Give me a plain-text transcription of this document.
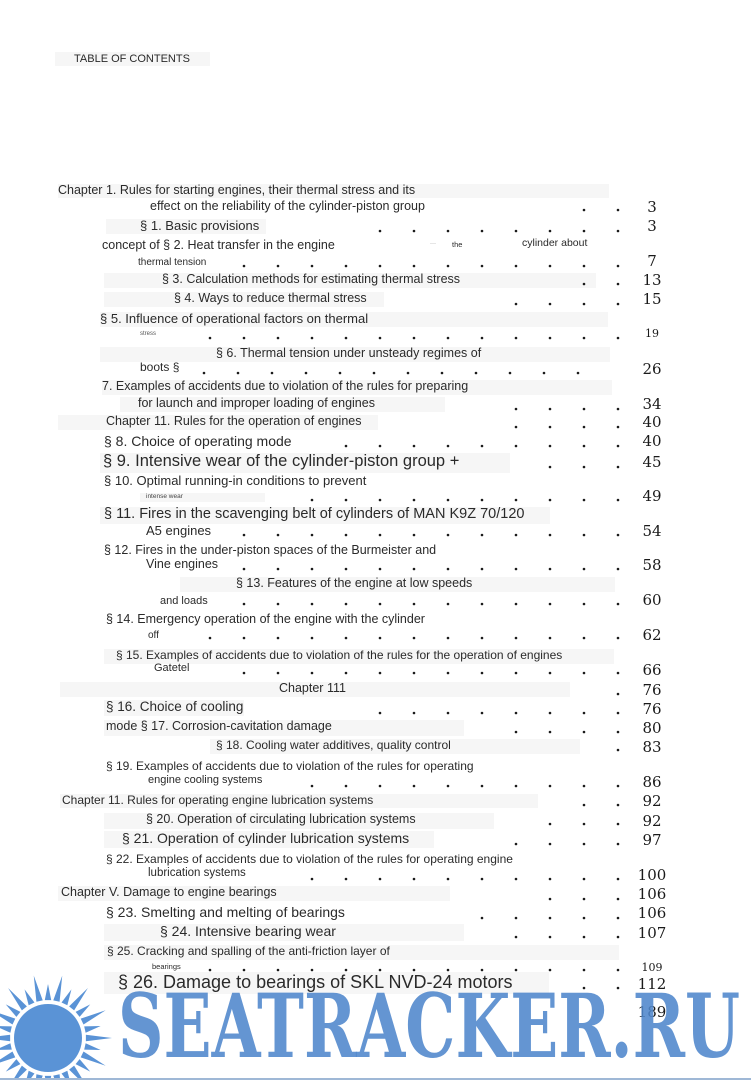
TABLE OF CONTENTS
Chapter 1. Rules for starting engines, their thermal stress and its
effect on the reliability of the cylinder-piston group	3
§ 1. Basic provisions	3
concept of § 2. Heat transfer in the engine	··· the	cylinder about
thermal tension	7
§ 3. Calculation methods for estimating thermal stress	13
§ 4. Ways to reduce thermal stress	15
§ 5. Influence of operational factors on thermal
stress	19
§ 6. Thermal tension under unsteady regimes of
boots §	26
7. Examples of accidents due to violation of the rules for preparing
for launch and improper loading of engines	34
Chapter 11. Rules for the operation of engines	40
§ 8. Choice of operating mode	40
§ 9. Intensive wear of the cylinder-piston group +	45
§ 10. Optimal running-in conditions to prevent
intense wear	49
§ 11. Fires in the scavenging belt of cylinders of MAN K9Z 70/120
A5 engines	54
§ 12. Fires in the under-piston spaces of the Burmeister and
Vine engines	58
§ 13. Features of the engine at low speeds
and loads	60
§ 14. Emergency operation of the engine with the cylinder
off	62
§ 15. Examples of accidents due to violation of the rules for the operation of engines
Gatetel	66
Chapter 111	76
§ 16. Choice of cooling	76
mode § 17. Corrosion-cavitation damage	80
§ 18. Cooling water additives, quality control	83
§ 19. Examples of accidents due to violation of the rules for operating
engine cooling systems	86
Chapter 11. Rules for operating engine lubrication systems	92
§ 20. Operation of circulating lubrication systems	92
§ 21. Operation of cylinder lubrication systems	97
§ 22. Examples of accidents due to violation of the rules for operating engine
lubrication systems	100
Chapter V. Damage to engine bearings	106
§ 23. Smelting and melting of bearings	106
§ 24. Intensive bearing wear	107
§ 25. Cracking and spalling of the anti-friction layer of
bearings	109
§ 26. Damage to bearings of SKL NVD-24 motors	112
189
SEATRACKER.RU
